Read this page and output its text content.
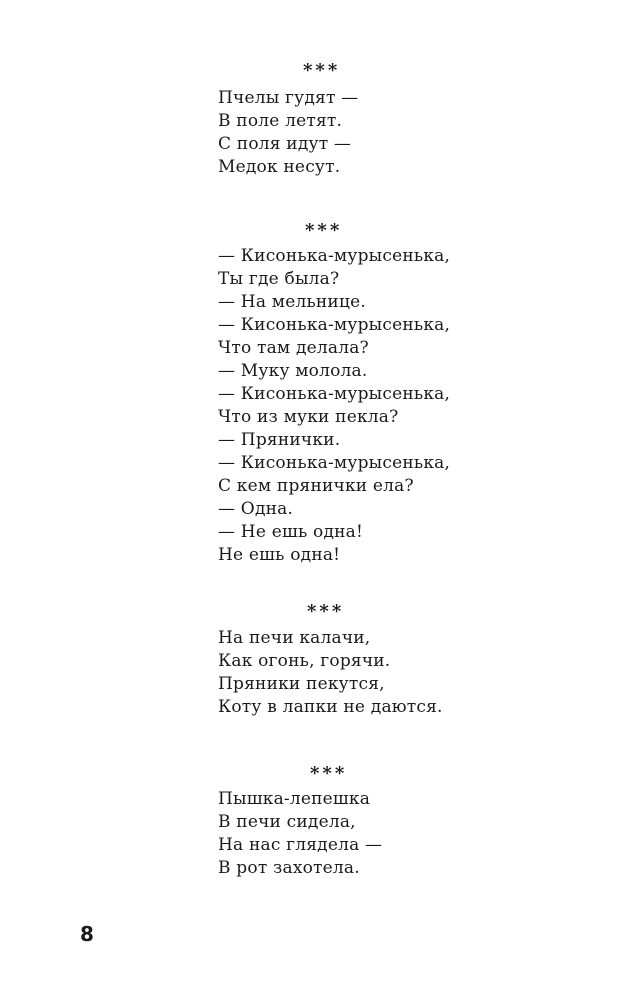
***
Пчелы гудят —
В поле летят.
С поля идут —
Медок несут.
***
— Кисонька-мурысенька,
Ты где была?
— На мельнице.
— Кисонька-мурысенька,
Что там делала?
— Муку молола.
— Кисонька-мурысенька,
Что из муки пекла?
— Прянички.
— Кисонька-мурысенька,
С кем прянички ела?
— Одна.
— Не ешь одна!
Не ешь одна!
***
На печи калачи,
Как огонь, горячи.
Пряники пекутся,
Коту в лапки не даются.
***
Пышка-лепешка
В печи сидела,
На нас глядела —
В рот захотела.
8
